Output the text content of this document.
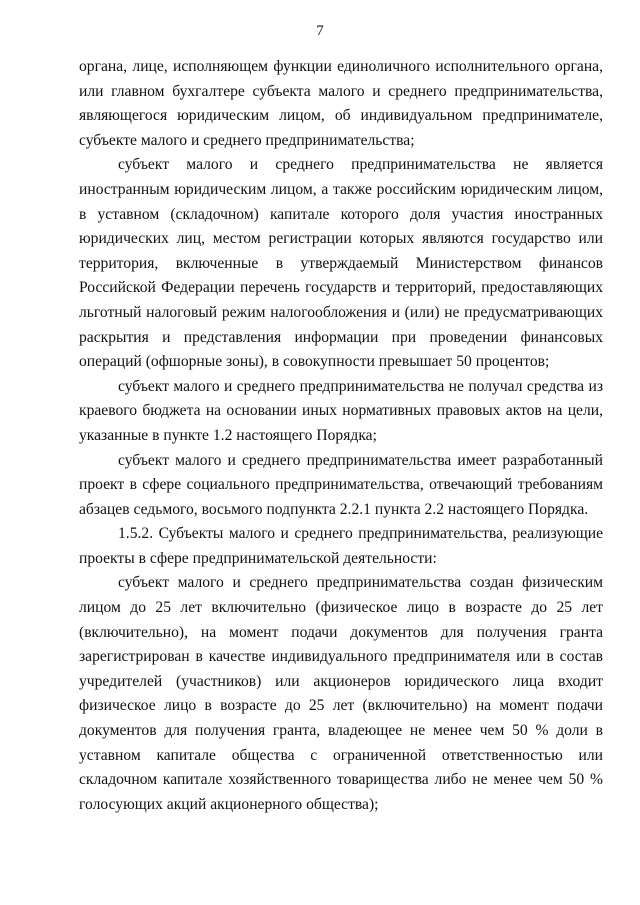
7

органа, лице, исполняющем функции единоличного исполнительного органа, или главном бухгалтере субъекта малого и среднего предпринимательства, являющегося юридическим лицом, об индивидуальном предпринимателе, субъекте малого и среднего предпринимательства;

субъект малого и среднего предпринимательства не является иностранным юридическим лицом, а также российским юридическим лицом, в уставном (складочном) капитале которого доля участия иностранных юридических лиц, местом регистрации которых являются государство или территория, включенные в утверждаемый Министерством финансов Российской Федерации перечень государств и территорий, предоставляющих льготный налоговый режим налогообложения и (или) не предусматривающих раскрытия и представления информации при проведении финансовых операций (офшорные зоны), в совокупности превышает 50 процентов;

субъект малого и среднего предпринимательства не получал средства из краевого бюджета на основании иных нормативных правовых актов на цели, указанные в пункте 1.2 настоящего Порядка;

субъект малого и среднего предпринимательства имеет разработанный проект в сфере социального предпринимательства, отвечающий требованиям абзацев седьмого, восьмого подпункта 2.2.1 пункта 2.2 настоящего Порядка.

1.5.2. Субъекты малого и среднего предпринимательства, реализующие проекты в сфере предпринимательской деятельности:

субъект малого и среднего предпринимательства создан физическим лицом до 25 лет включительно (физическое лицо в возрасте до 25 лет (включительно), на момент подачи документов для получения гранта зарегистрирован в качестве индивидуального предпринимателя или в состав учредителей (участников) или акционеров юридического лица входит физическое лицо в возрасте до 25 лет (включительно) на момент подачи документов для получения гранта, владеющее не менее чем 50 % доли в уставном капитале общества с ограниченной ответственностью или складочном капитале хозяйственного товарищества либо не менее чем 50 % голосующих акций акционерного общества);
